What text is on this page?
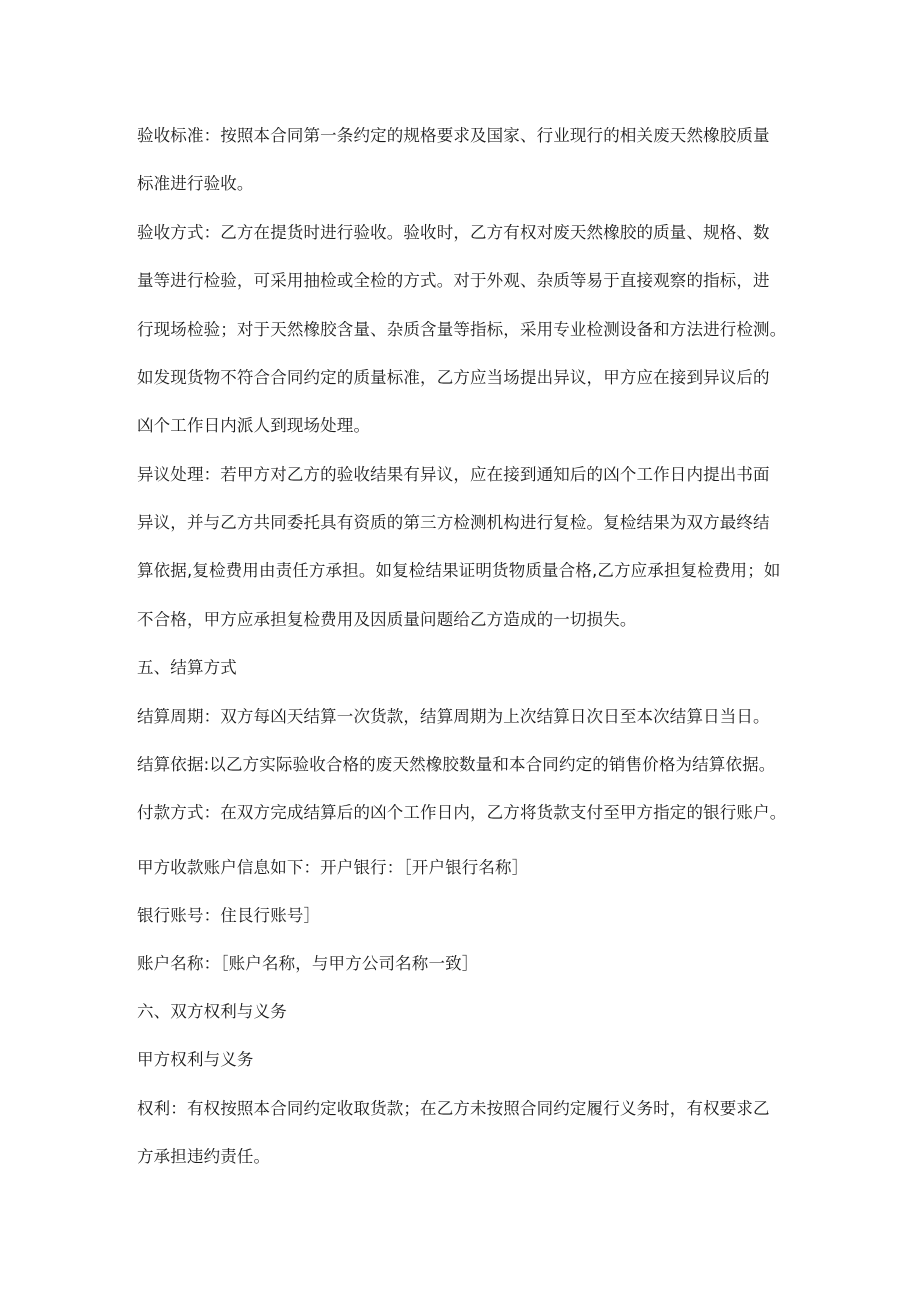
验收标准：按照本合同第一条约定的规格要求及国家、行业现行的相关废天然橡胶质量
标准进行验收。
验收方式：乙方在提货时进行验收。验收时，乙方有权对废天然橡胶的质量、规格、数
量等进行检验，可采用抽检或全检的方式。对于外观、杂质等易于直接观察的指标，进
行现场检验；对于天然橡胶含量、杂质含量等指标，采用专业检测设备和方法进行检测。
如发现货物不符合合同约定的质量标准，乙方应当场提出异议，甲方应在接到异议后的
凶个工作日内派人到现场处理。
异议处理：若甲方对乙方的验收结果有异议，应在接到通知后的凶个工作日内提出书面
异议，并与乙方共同委托具有资质的第三方检测机构进行复检。复检结果为双方最终结
算依据,复检费用由责任方承担。如复检结果证明货物质量合格,乙方应承担复检费用；如
不合格，甲方应承担复检费用及因质量问题给乙方造成的一切损失。
五、结算方式
结算周期：双方每凶天结算一次货款，结算周期为上次结算日次日至本次结算日当日。
结算依据:以乙方实际验收合格的废天然橡胶数量和本合同约定的销售价格为结算依据。
付款方式：在双方完成结算后的凶个工作日内，乙方将货款支付至甲方指定的银行账户。
甲方收款账户信息如下：开户银行：［开户银行名称］
银行账号：住艮行账号］
账户名称：［账户名称，与甲方公司名称一致］
六、双方权利与义务
甲方权利与义务
权利：有权按照本合同约定收取货款；在乙方未按照合同约定履行义务时，有权要求乙
方承担违约责任。
